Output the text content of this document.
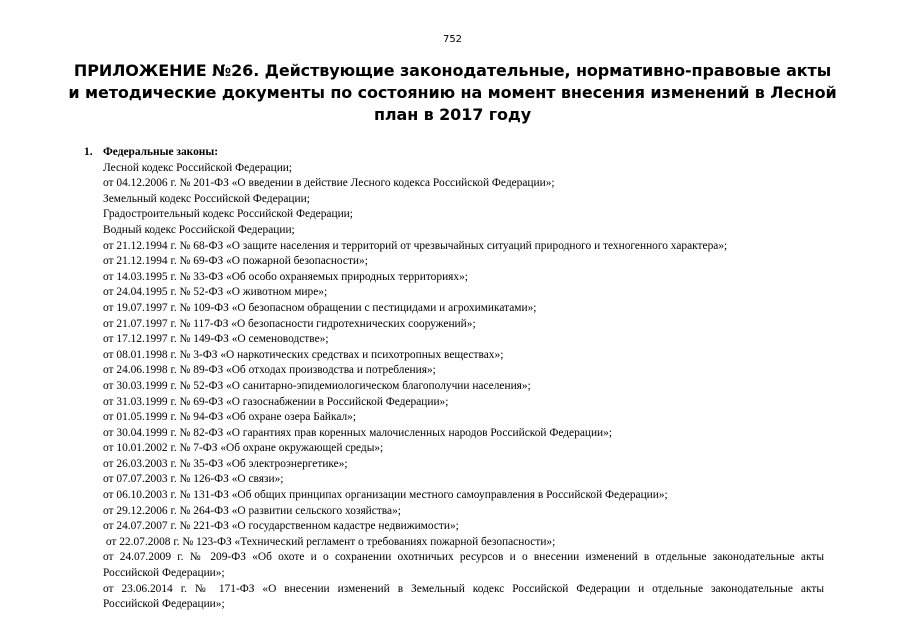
752
ПРИЛОЖЕНИЕ №26. Действующие законодательные, нормативно-правовые акты
и методические документы по состоянию на момент внесения изменений в Лесной
план в 2017 году
1. Федеральные законы:
Лесной кодекс Российской Федерации;
от 04.12.2006 г. № 201-ФЗ «О введении в действие Лесного кодекса Российской Федерации»;
Земельный кодекс Российской Федерации;
Градостроительный кодекс Российской Федерации;
Водный кодекс Российской Федерации;
от 21.12.1994 г. № 68-ФЗ «О защите населения и территорий от чрезвычайных ситуаций природного и техногенного характера»;
от 21.12.1994 г. № 69-ФЗ «О пожарной безопасности»;
от 14.03.1995 г. № 33-ФЗ «Об особо охраняемых природных территориях»;
от 24.04.1995 г. № 52-ФЗ «О животном мире»;
от 19.07.1997 г. № 109-ФЗ «О безопасном обращении с пестицидами и агрохимикатами»;
от 21.07.1997 г. № 117-ФЗ «О безопасности гидротехнических сооружений»;
от 17.12.1997 г. № 149-ФЗ «О семеноводстве»;
от 08.01.1998 г. № 3-ФЗ «О наркотических средствах и психотропных веществах»;
от 24.06.1998 г. № 89-ФЗ «Об отходах производства и потребления»;
от 30.03.1999 г. № 52-ФЗ «О санитарно-эпидемиологическом благополучии населения»;
от 31.03.1999 г. № 69-ФЗ «О газоснабжении в Российской Федерации»;
от 01.05.1999 г. № 94-ФЗ «Об охране озера Байкал»;
от 30.04.1999 г. № 82-ФЗ «О гарантиях прав коренных малочисленных народов Российской Федерации»;
от 10.01.2002 г. № 7-ФЗ «Об охране окружающей среды»;
от 26.03.2003 г. № 35-ФЗ «Об электроэнергетике»;
от 07.07.2003 г. № 126-ФЗ «О связи»;
от 06.10.2003 г. № 131-ФЗ «Об общих принципах организации местного самоуправления в Российской Федерации»;
от 29.12.2006 г. № 264-ФЗ «О развитии сельского хозяйства»;
от 24.07.2007 г. № 221-ФЗ «О государственном кадастре недвижимости»;
от 22.07.2008 г. № 123-ФЗ «Технический регламент о требованиях пожарной безопасности»;
от 24.07.2009 г. № 209-ФЗ «Об охоте и о сохранении охотничьих ресурсов и о внесении изменений в отдельные законодательные акты
Российской Федерации»;
от 23.06.2014 г. № 171-ФЗ «О внесении изменений в Земельный кодекс Российской Федерации и отдельные законодательные акты
Российской Федерации»;
